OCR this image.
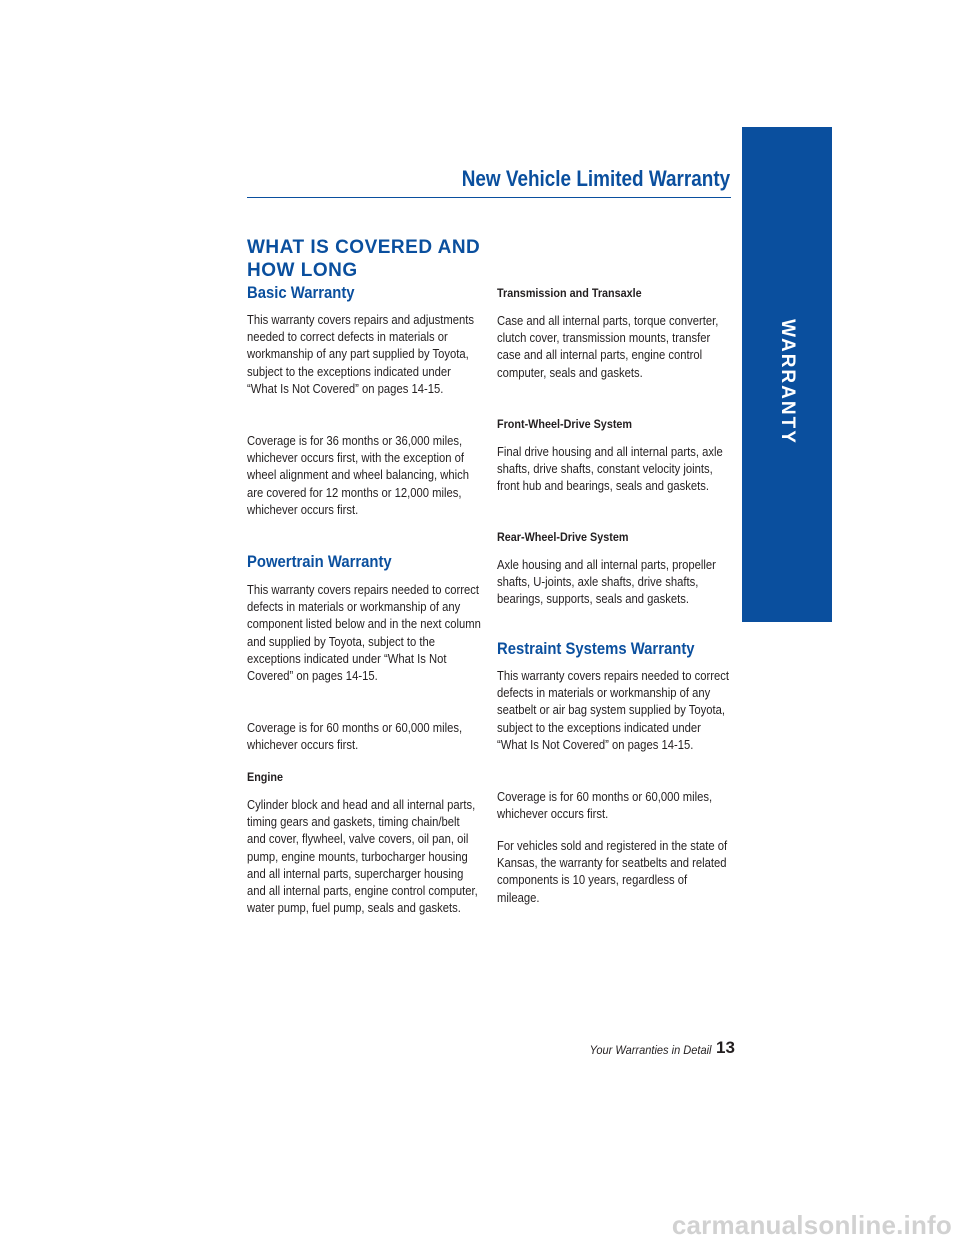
New Vehicle Limited Warranty
WARRANTY
WHAT IS COVERED AND
HOW LONG
Basic Warranty

This warranty covers repairs and adjustments needed to correct defects in materials or workmanship of any part supplied by Toyota, subject to the exceptions indicated under “What Is Not Covered” on pages 14-15.

Coverage is for 36 months or 36,000 miles, whichever occurs first, with the exception of wheel alignment and wheel balancing, which are covered for 12 months or 12,000 miles, whichever occurs first.

Powertrain Warranty

This warranty covers repairs needed to correct defects in materials or workmanship of any component listed below and in the next column and supplied by Toyota, subject to the exceptions indicated under “What Is Not Covered” on pages 14-15.

Coverage is for 60 months or 60,000 miles, whichever occurs first.

Engine

Cylinder block and head and all internal parts, timing gears and gaskets, timing chain/belt and cover, flywheel, valve covers, oil pan, oil pump, engine mounts, turbocharger housing and all internal parts, supercharger housing and all internal parts, engine control computer, water pump, fuel pump, seals and gaskets.

Transmission and Transaxle

Case and all internal parts, torque converter, clutch cover, transmission mounts, transfer case and all internal parts, engine control computer, seals and gaskets.

Front-Wheel-Drive System

Final drive housing and all internal parts, axle shafts, drive shafts, constant velocity joints, front hub and bearings, seals and gaskets.

Rear-Wheel-Drive System

Axle housing and all internal parts, propeller shafts, U-joints, axle shafts, drive shafts, bearings, supports, seals and gaskets.

Restraint Systems Warranty

This warranty covers repairs needed to correct defects in materials or workmanship of any seatbelt or air bag system supplied by Toyota, subject to the exceptions indicated under “What Is Not Covered” on pages 14-15.

Coverage is for 60 months or 60,000 miles, whichever occurs first.

For vehicles sold and registered in the state of Kansas, the warranty for seatbelts and related components is 10 years, regardless of mileage.

Your Warranties in Detail 13
carmanualsonline.info
